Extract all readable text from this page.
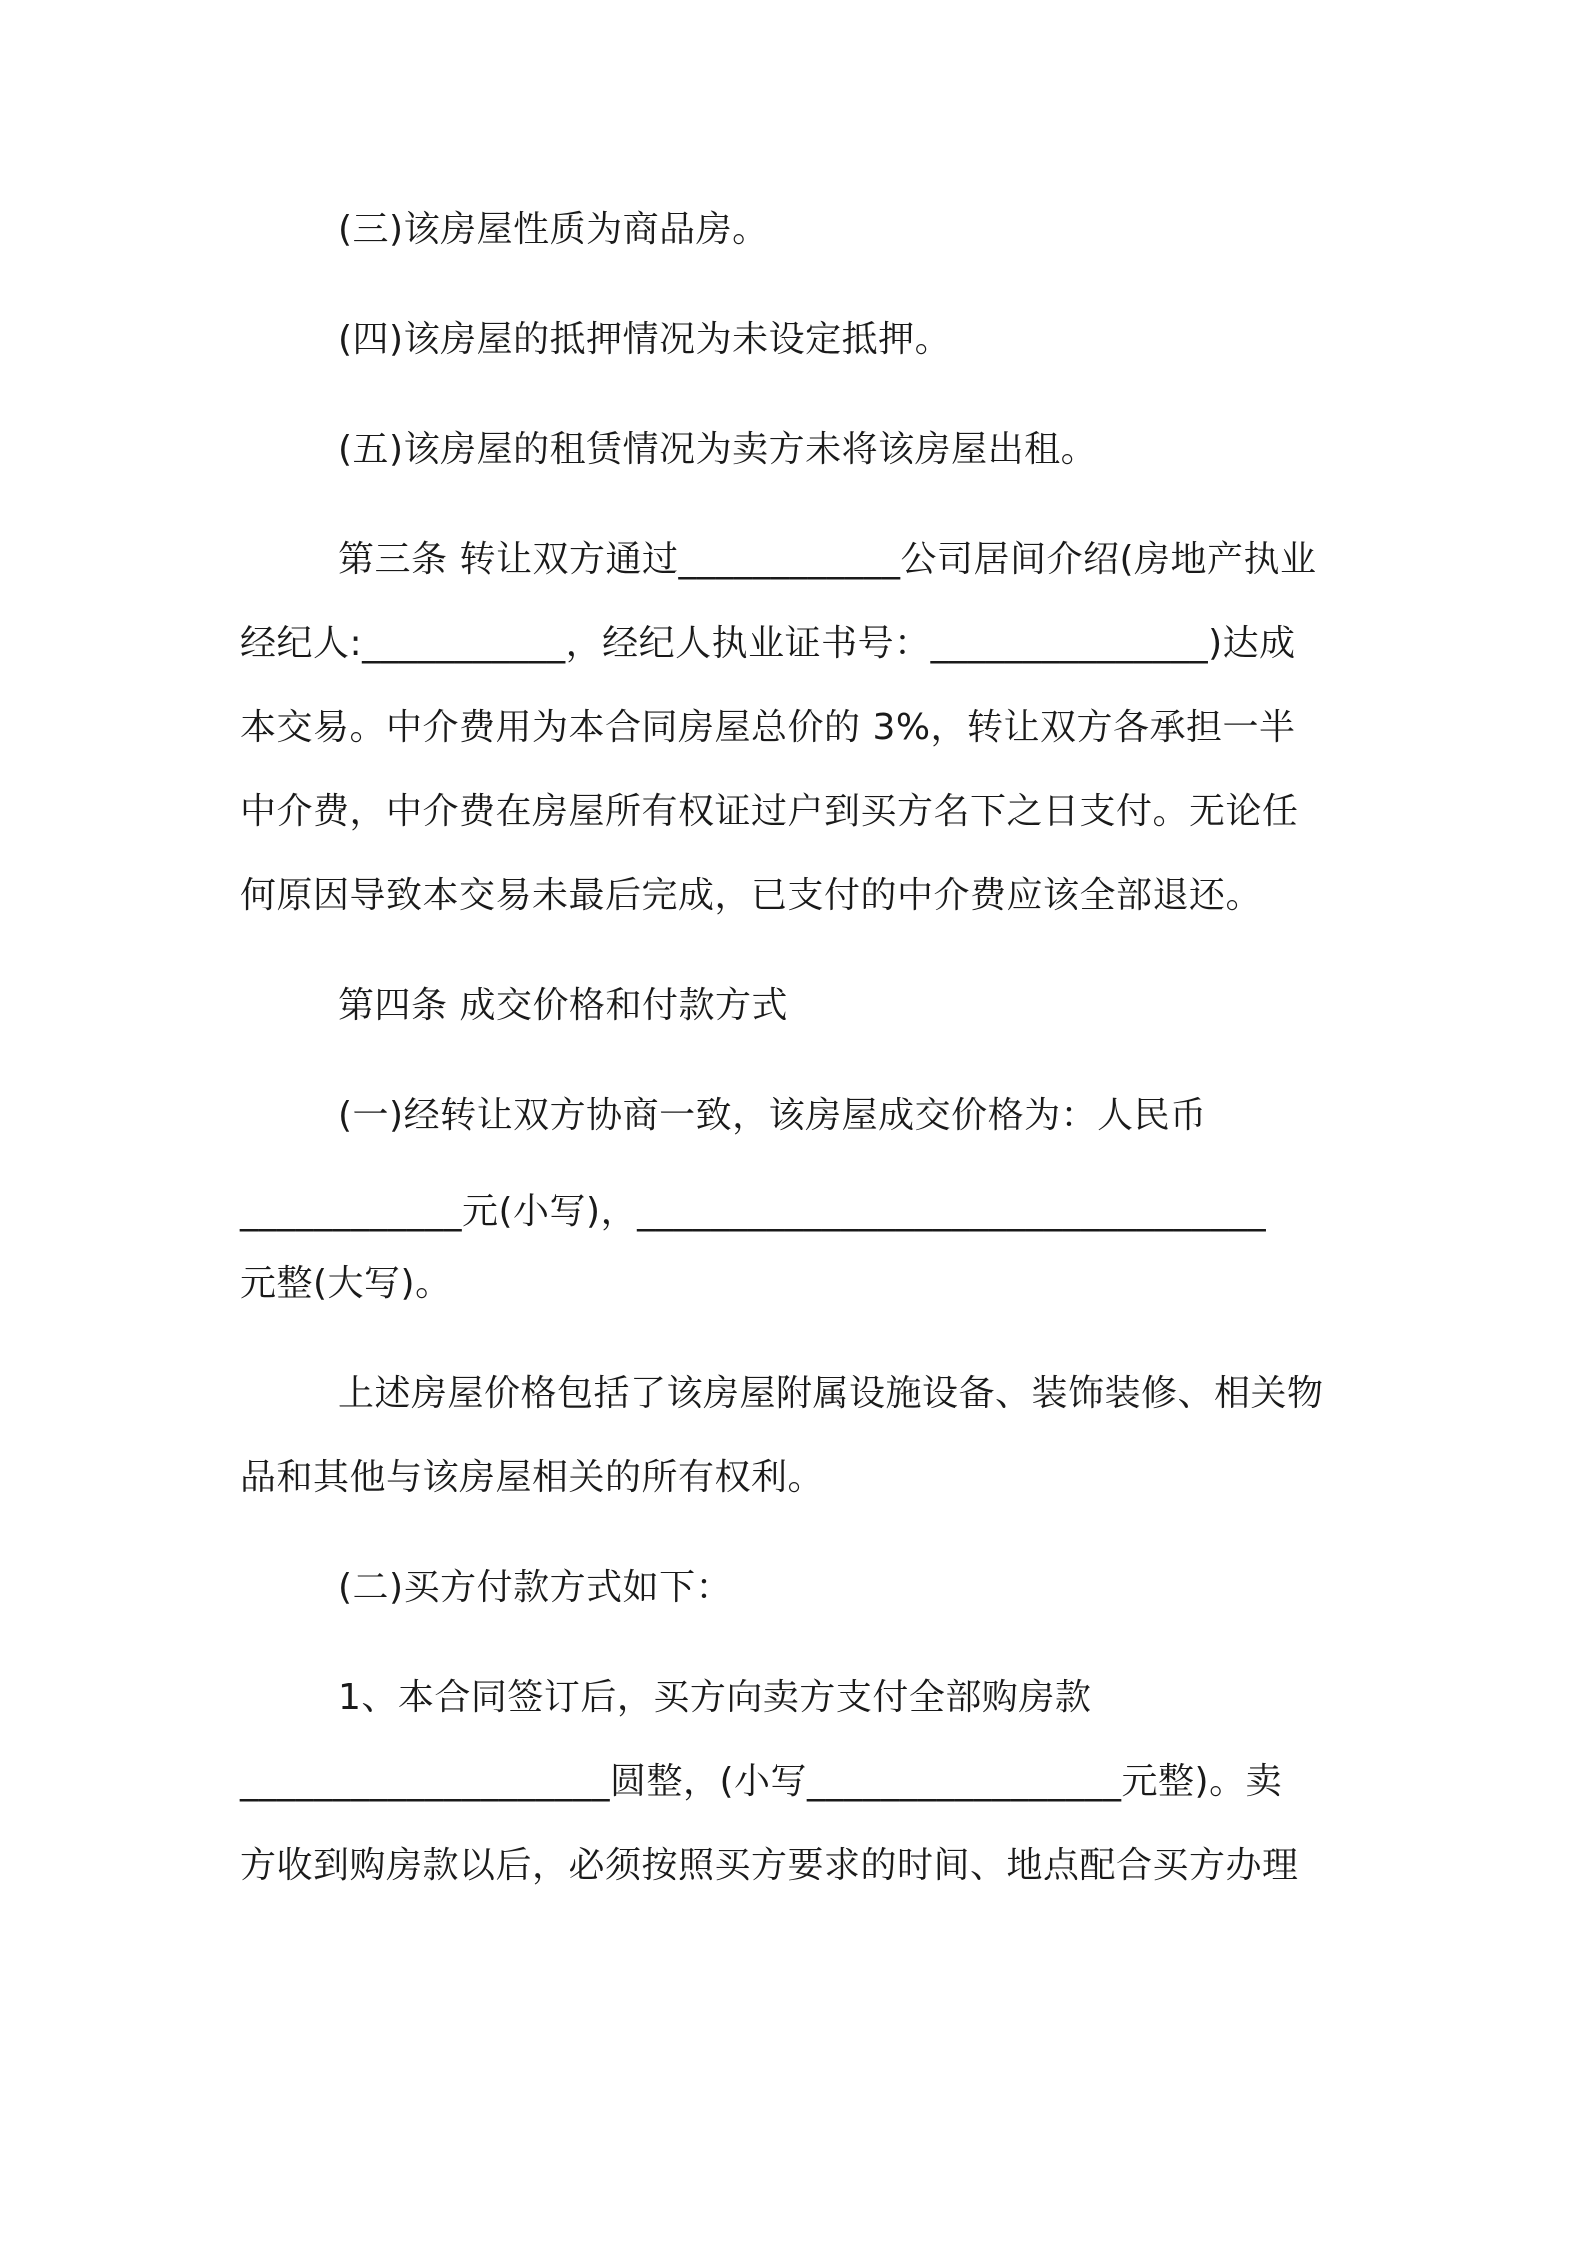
(三)该房屋性质为商品房。
(四)该房屋的抵押情况为未设定抵押。
(五)该房屋的租赁情况为卖方未将该房屋出租。
第三条 转让双方通过____________公司居间介绍(房地产执业
经纪人:___________，经纪人执业证书号：_______________)达成
本交易。中介费用为本合同房屋总价的 3%，转让双方各承担一半
中介费，中介费在房屋所有权证过户到买方名下之日支付。无论任
何原因导致本交易未最后完成，已支付的中介费应该全部退还。
第四条 成交价格和付款方式
(一)经转让双方协商一致，该房屋成交价格为：人民币
____________元(小写)，__________________________________
元整(大写)。
上述房屋价格包括了该房屋附属设施设备、装饰装修、相关物
品和其他与该房屋相关的所有权利。
(二)买方付款方式如下：
1、本合同签订后，买方向卖方支付全部购房款
____________________圆整，(小写_________________元整)。卖
方收到购房款以后，必须按照买方要求的时间、地点配合买方办理
